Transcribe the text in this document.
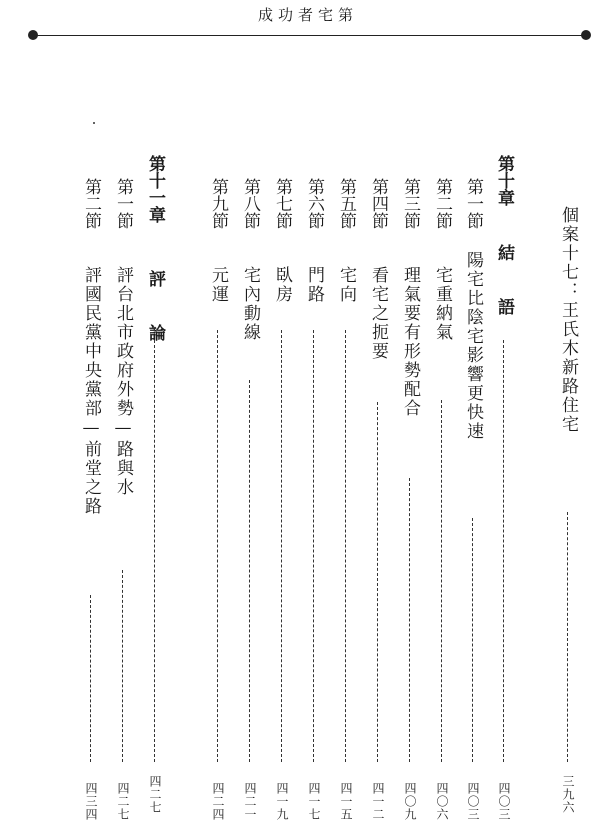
成功者宅第
個案十七：王氏木新路住宅
三九六
第十章
結　語
四〇三
第一節
陽宅比陰宅影響更快速
四〇三
第二節
宅重納氣
四〇六
第三節
理氣要有形勢配合
四〇九
第四節
看宅之扼要
四一二
第五節
宅向
四一五
第六節
門路
四一七
第七節
臥房
四一九
第八節
宅內動線
四二一
第九節
元運
四二四
第十一章
評　論
四二七
第一節
評台北市政府外勢—路與水
四二七
第二節
評國民黨中央黨部—前堂之路
四三四
